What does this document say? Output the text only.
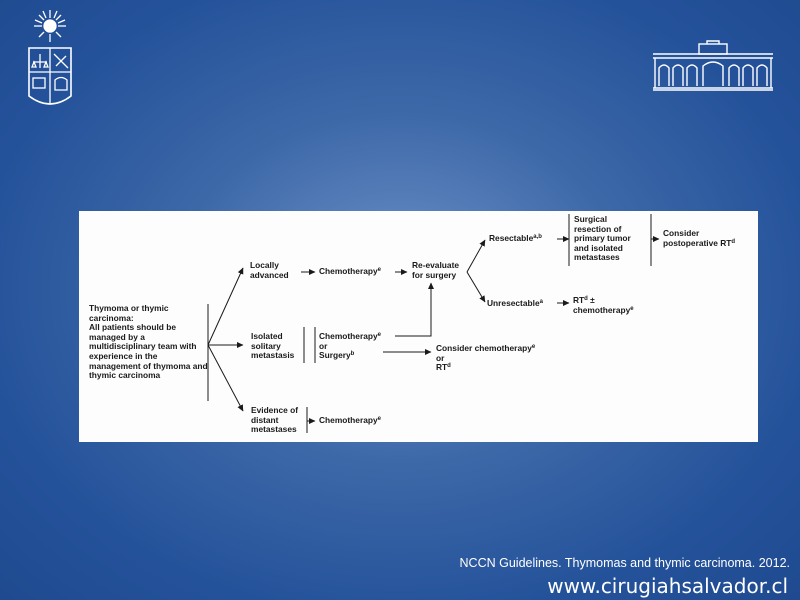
Thymoma or thymic carcinoma:
All patients should be managed by a multidisciplinary team with experience in the management of thymoma and thymic carcinoma
Locally
advanced	Chemotherapy$^e$	Re-evaluate
for surgery
Resectable$^{a,b}$
Unresectable$^a$
Surgical
resection of
primary tumor
and isolated
metastases
Consider
postoperative $RT^d$
$RT^d$ ±
chemotherapy$^e$
Isolated
solitary
metastasis
Chemotherapy$^e$
or
Surgery$^b$
Consider chemotherapy$^e$
or
$RT^d$
Evidence of
distant
metastases
Chemotherapy$^e$
NCCN Guidelines. Thymomas and thymic carcinoma. 2012.
www.cirugiahsalvador.cl
